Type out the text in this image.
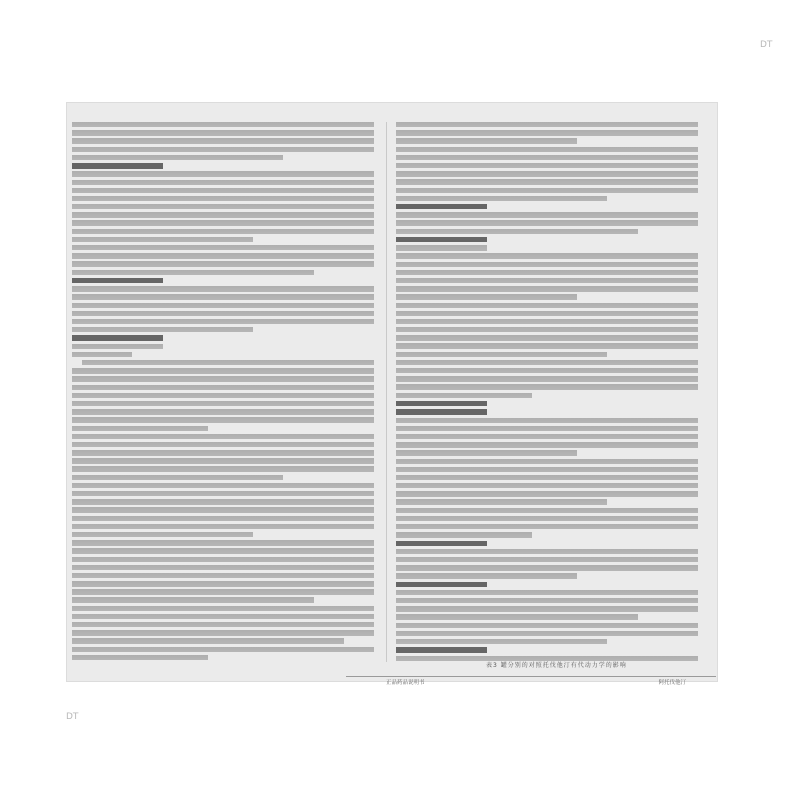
DT
DT
表3 罐分别的对照托伐他汀有代动力学的影响
正品药品说明书	阿托伐他汀
